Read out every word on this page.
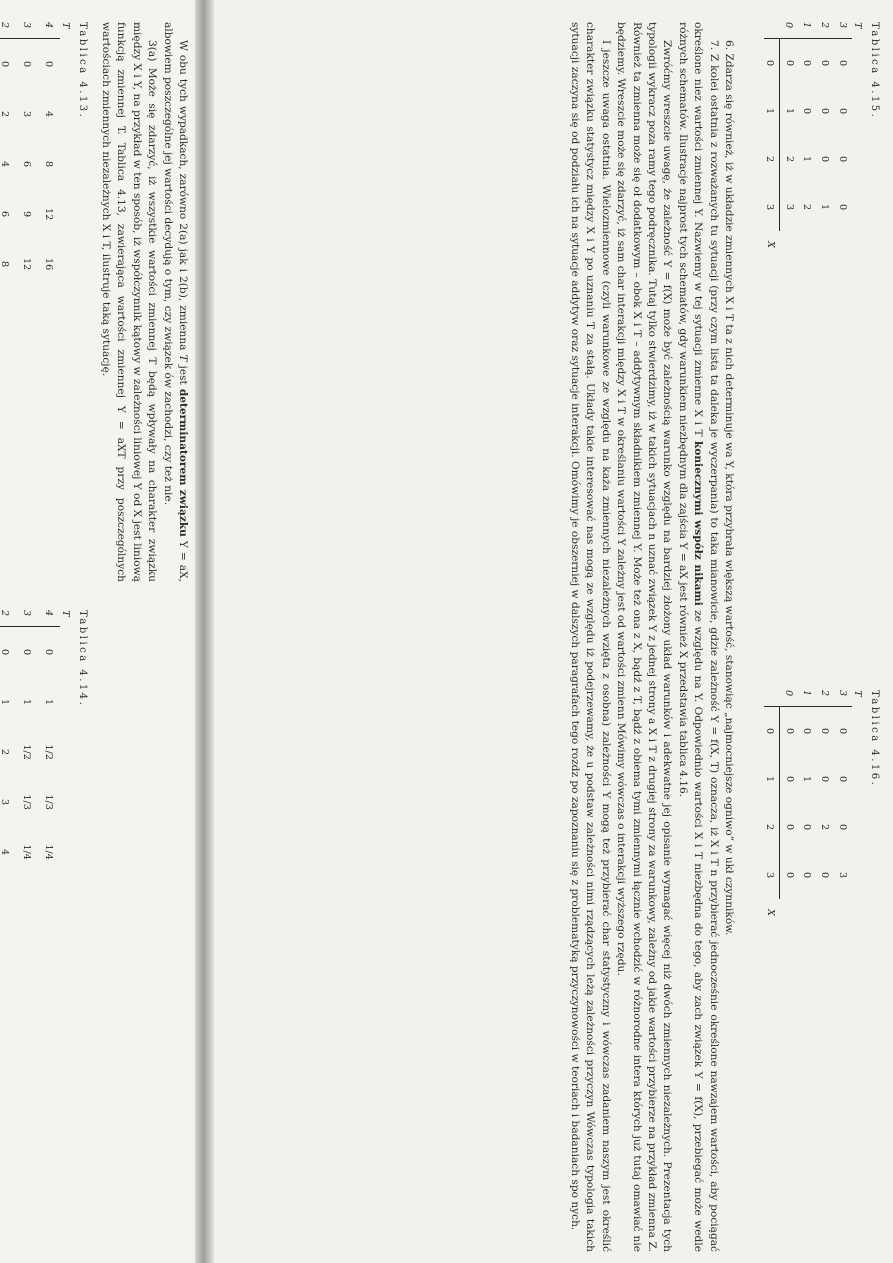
W obu tych wypadkach, zarówno 2(a) jak i 2(b), zmienna T jest determinatorem związku Y = aX, albowiem poszczególne jej wartości decydują o tym, czy związek ów zachodzi, czy też nie.

3(a) Może się zdarzyć, iż wszystkie wartości zmiennej T będą wpływały na charakter związku między X i Y, na przykład w ten sposób, iż współczynnik kątowy w zależności liniowej Y od X jest liniową funkcją zmiennej T. Tablica 4.13, zawierająca wartości zmiennej Y = aXT przy poszczególnych wartościach zmiennych niezależnych X i T, ilustruje taką sytuację.

Tablica 4.13.
T						
4	0	4	8	12	16	
3	0	3	6	9	12	
2	0	2	4	6	8	

Tablica 4.14.
T						
4	0	1	1/2	1/3	1/4	
3	0	1	1/2	1/3	1/4	
2	0	1	2	3	4	

Tablica 4.16.
T					
3	0	0	0	3	
2	0	0	2	0	
1	0	1	0	0	
0	0	0	0	0	
	0	1	2	3	X
Tablica 4.15.
T					
3	0	0	0	0	
2	0	0	0	1	
1	0	0	1	2	
0	0	1	2	3	
	0	1	2	3	X

6. Zdarza się również, iż w układzie zmiennych X i T ta z nich determinuje wa Y, która przybrała większą wartość, stanowiąc „najmocniejsze ogniwo” w ukł czynników.

7. Z kolei ostatnia z rozważanych tu sytuacji (przy czym lista ta daleka je wyczerpania) to taka mianowicie, gdzie zależność Y = f(X, T) oznacza, iż X i T n przybierać jednocześnie określone nawzajem wartości, aby pociągać określone niez wartości zmiennej Y. Nazwiemy w tej sytuacji zmienne X i T koniecznymi współz nikami ze względu na Y. Odpowiednio wartości X i T niezbędna do tego, aby zach związek Y = f(X), przebiegać może wedle różnych schematów. Ilustracje najprost tych schematów, gdy warunkiem niezbędnym dla zajścia Y = aX jest również X przedstawia tablica 4.16.

Zwróćmy wreszcie uwagę, że zależność Y = f(X) może być zależnością warunko względu na bardziej złożony układ warunków i adekwatne jej opisanie wymagać więcej niż dwóch zmiennych niezależnych. Prezentacja tych typologii wykracz poza ramy tego podręcznika. Tutaj tylko stwierdzimy, iż w takich sytuacjach n uznać związek Y z jednej strony a X i T z drugiej strony za warunkowy, zależny od jakie wartości przybierze na przykład zmienna Z. Również ta zmienna może się oł dodatkowym – obok X i T – addytywnym składnikiem zmiennej Y. Może też ona z X, bądź z T, bądź z obiema tymi zmiennymi łącznie wchodzić w różnorodne intera których już tutaj omawiać nie będziemy. Wreszcie może się zdarzyć, iż sam char interakcji między X i T w określaniu wartości Y zależny jest od wartości zmienn Mówimy wówczas o interakcji wyższego rzędu.

I jeszcze uwaga ostatnia. Wielozmiennowe (czyli warunkowe ze względu na każa zmiennych niezależnych wzięta z osobna) zależności Y mogą też przybierać char statystyczny i wówczas zadaniem naszym jest określić charakter związku statystycz między X i Y po uznaniu T za stałą. Układy takie interesować nas mogą ze względu iż podejrzewamy, że u podstaw zależności nimi rządzących leżą zależności przyczyn Wówczas typologia takich sytuacji zaczyna się od podziału ich na sytuacje addytyw oraz sytuacje interakcji. Omówimy je obszerniej w dalszych paragrafach tego rozdz po zapoznaniu się z problematyką przyczynowości w teoriach i badaniach spo nych.
